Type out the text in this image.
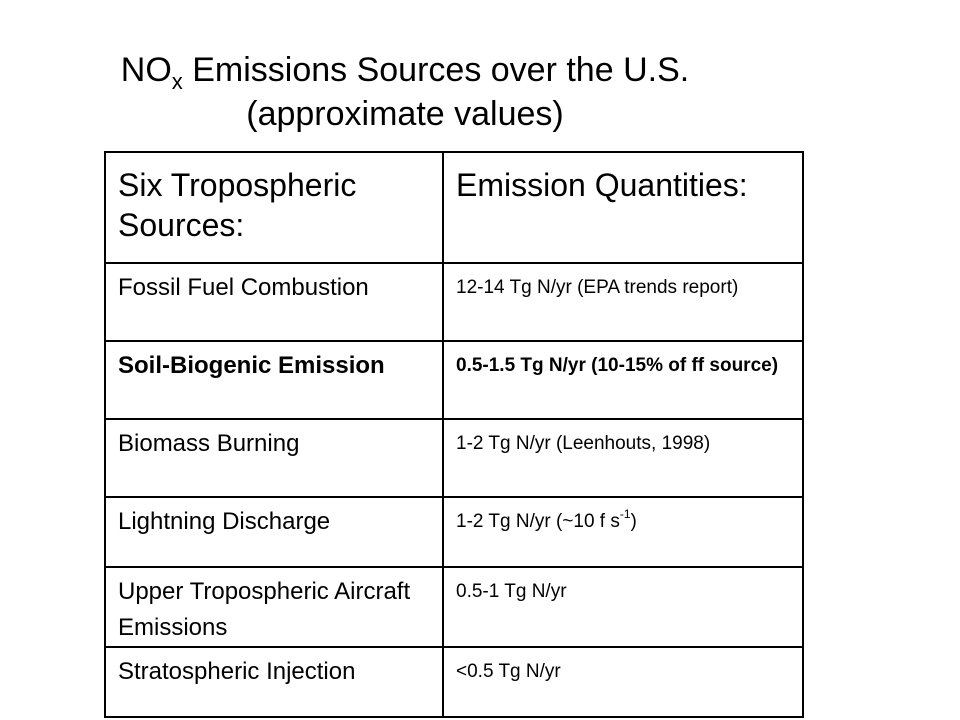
$NO_x$ Emissions Sources over the U.S.
(approximate values)
Six Tropospheric Sources:	Emission Quantities:
Fossil Fuel Combustion	12-14 Tg N/yr (EPA trends report)
Soil-Biogenic Emission	0.5-1.5 Tg N/yr (10-15% of ff source)
Biomass Burning	1-2 Tg N/yr (Leenhouts, 1998)
Lightning Discharge	1-2 Tg N/yr (~10 f $s^{-1}$)
Upper Tropospheric Aircraft Emissions	0.5-1 Tg N/yr
Stratospheric Injection	<0.5 Tg N/yr
